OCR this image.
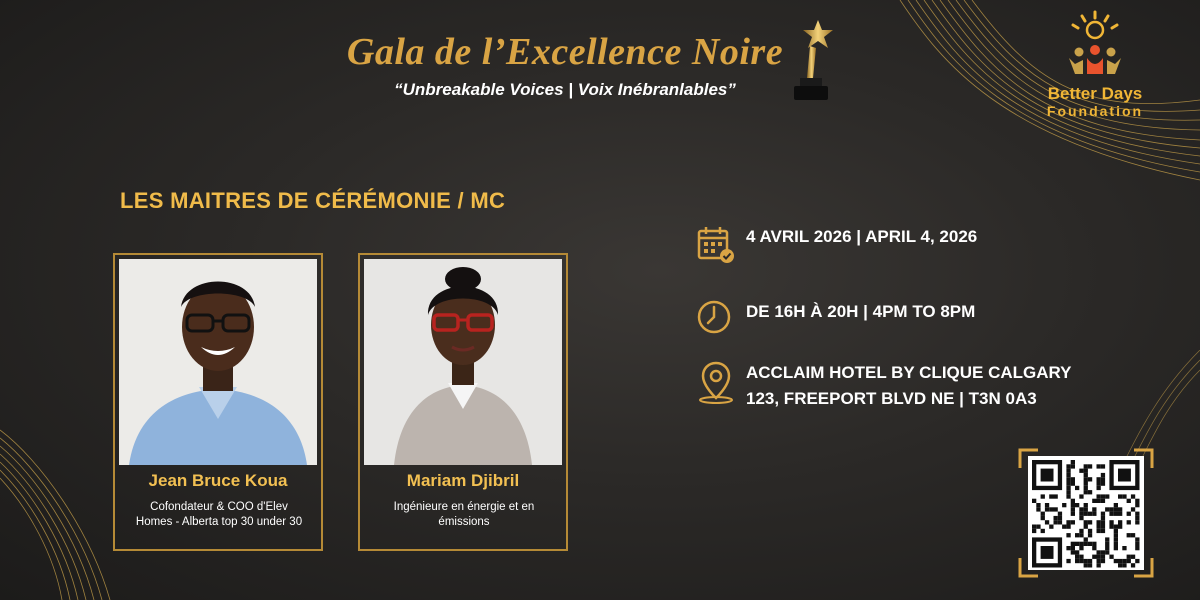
Gala de l’Excellence Noire
“Unbreakable Voices | Voix Inébranlables”	Better Days
Foundation
LES MAITRES DE CÉRÉMONIE / MC
Jean Bruce Koua
Cofondateur & COO d'Elev Homes - Alberta top 30 under 30
Mariam Djibril
Ingénieure en énergie et en émissions
4 AVRIL 2026 | APRIL 4, 2026
DE 16H À 20H | 4PM TO 8PM
ACCLAIM HOTEL BY CLIQUE CALGARY
123, FREEPORT BLVD NE | T3N 0A3
